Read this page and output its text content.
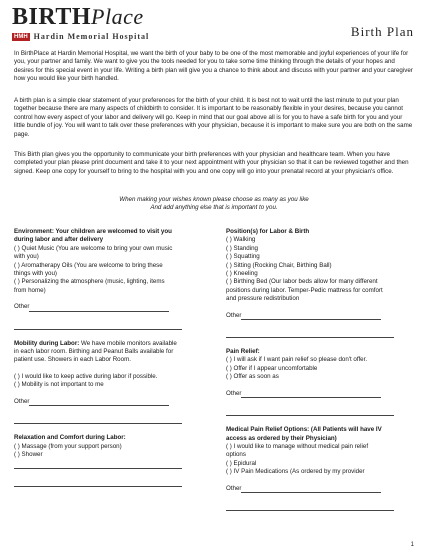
BIRTHPlace
HMH Hardin Memorial Hospital	Birth Plan

In BirthPlace at Hardin Memorial Hospital, we want the birth of your baby to be one of the most memorable and joyful experiences of your life for you, your partner and family. We want to give you the tools needed for you to take some time thinking through the details of your hopes and desires for this special event in your life. Writing a birth plan will give you a chance to think about and discuss with your partner and your caregiver how you would like your birth handled.

A birth plan is a simple clear statement of your preferences for the birth of your child. It is best not to wait until the last minute to put your plan together because there are many aspects of childbirth to consider. It is important to be reasonably flexible in your desires, because you cannot control how every aspect of your labor and delivery will go. Keep in mind that our goal above all is for you to have a safe birth for you and your little bundle of joy. You will want to talk over these preferences with your physician, because it is important to make sure you are both on the same page.

This Birth plan gives you the opportunity to communicate your birth preferences with your physician and healthcare team. When you have completed your plan please print document and take it to your next appointment with your physician so that it can be reviewed together and then signed. Keep one copy for yourself to bring to the hospital with you and one copy will go into your prenatal record at your physician's office.

When making your wishes known please choose as many as you like
And add anything else that is important to you.
Environment: Your children are welcomed to visit you
during labor and after delivery
( ) Quiet Music (You are welcome to bring your own music
with you)
( ) Aromatherapy Oils (You are welcome to bring these
things with you)
( ) Personalizing the atmosphere (music, lighting, items
from home)
Other
Mobility during Labor: We have mobile monitors available
in each labor room. Birthing and Peanut Balls available for
patient use. Showers in each Labor Room.
( ) I would like to keep active during labor if possible.
( ) Mobility is not important to me
Other
Relaxation and Comfort during Labor:
( ) Massage (from your support person)
( ) Shower
Position(s) for Labor & Birth
( ) Walking
( ) Standing
( ) Squatting
( ) Sitting (Rocking Chair, Birthing Ball)
( ) Kneeling
( ) Birthing Bed (Our labor beds allow for many different
positions during labor. Temper-Pedic mattress for comfort
and pressure redistribution
Other
Pain Relief:
( ) I will ask if I want pain relief so please don't offer.
( ) Offer if I appear uncomfortable
( ) Offer as soon as
Other
Medical Pain Relief Options: (All Patients will have IV
access as ordered by their Physician)
( ) I would like to manage without medical pain relief
options
( ) Epidural
( ) IV Pain Medications (As ordered by my provider
Other
1
